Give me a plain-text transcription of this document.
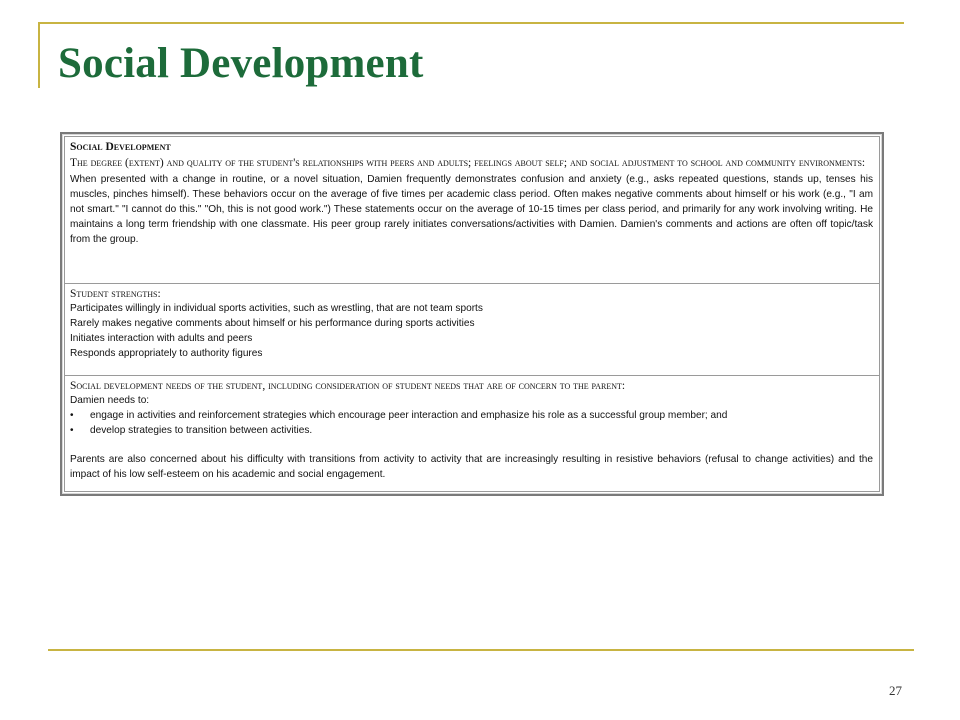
Social Development
Social Development
The degree (extent) and quality of the student's relationships with peers and adults; feelings about self; and social adjustment to school and community environments:

When presented with a change in routine, or a novel situation, Damien frequently demonstrates confusion and anxiety (e.g., asks repeated questions, stands up, tenses his muscles, pinches himself). These behaviors occur on the average of five times per academic class period. Often makes negative comments about himself or his work (e.g., "I am not smart." "I cannot do this." "Oh, this is not good work.") These statements occur on the average of 10-15 times per class period, and primarily for any work involving writing. He maintains a long term friendship with one classmate. His peer group rarely initiates conversations/activities with Damien. Damien's comments and actions are often off topic/task from the group.

Student strengths:

Participates willingly in individual sports activities, such as wrestling, that are not team sports

Rarely makes negative comments about himself or his performance during sports activities

Initiates interaction with adults and peers

Responds appropriately to authority figures

Social development needs of the student, including consideration of student needs that are of concern to the parent:

Damien needs to:

• engage in activities and reinforcement strategies which encourage peer interaction and emphasize his role as a successful group member; and
• develop strategies to transition between activities.

Parents are also concerned about his difficulty with transitions from activity to activity that are increasingly resulting in resistive behaviors (refusal to change activities) and the impact of his low self-esteem on his academic and social engagement.

27
